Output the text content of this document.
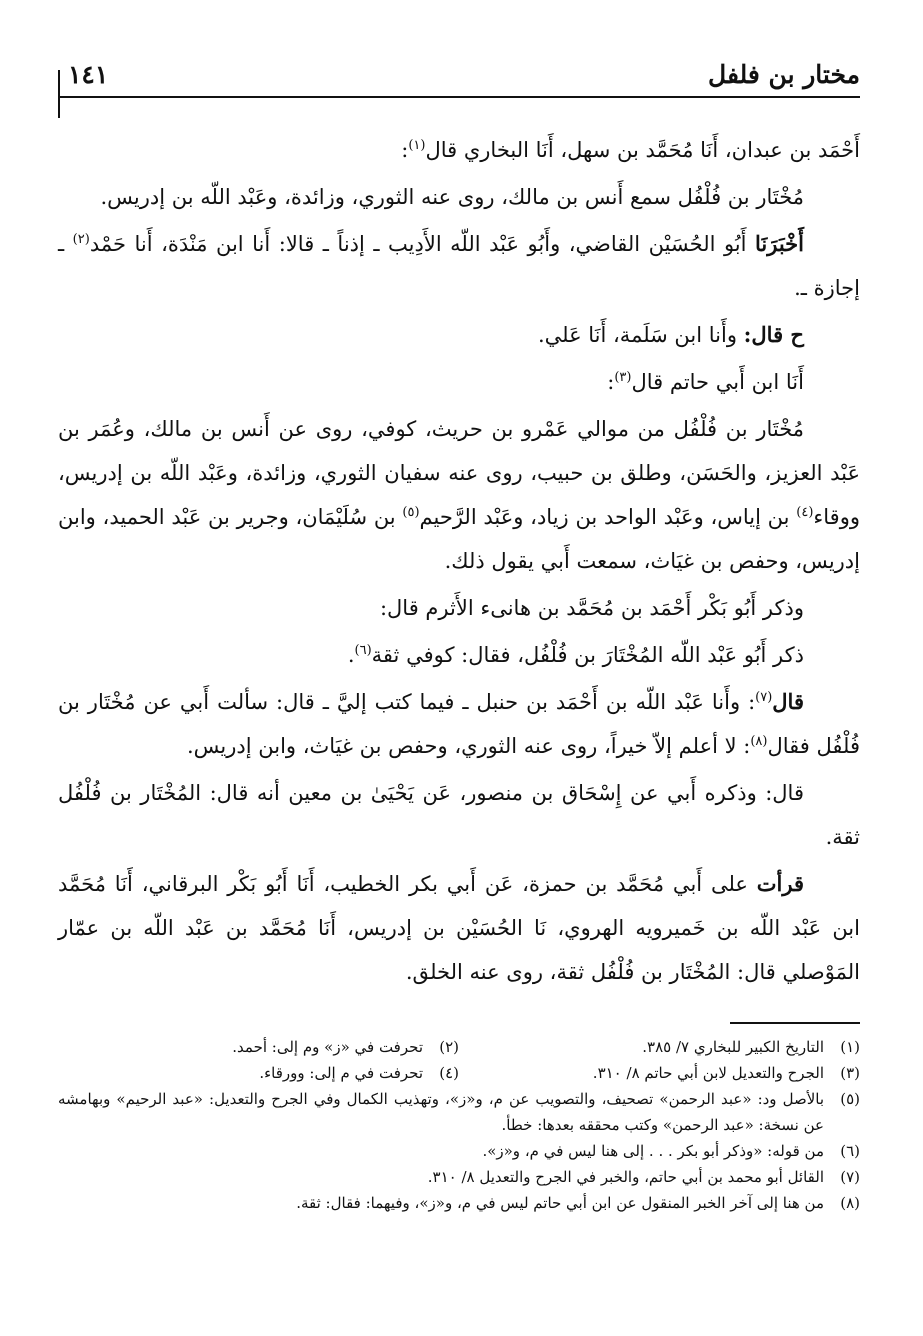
مختار بن فلفل
١٤١

أَحْمَد بن عبدان، أَنَا مُحَمَّد بن سهل، أَنَا البخاري قال$^{(١)}$:

مُخْتَار بن فُلْفُل سمع أَنس بن مالك، روى عنه الثوري، وزائدة، وعَبْد اللّه بن إدريس.

أَخْبَرَنَا أَبُو الحُسَيْن القاضي، وأَبُو عَبْد اللّه الأَدِيب ـ إذناً ـ قالا: أَنا ابن مَنْدَة، أَنا حَمْد$^{(٢)}$ ـ إجازة ـ.

ح قال: وأَنا ابن سَلَمة، أَنَا عَلي.

أَنَا ابن أَبي حاتم قال$^{(٣)}$:

مُخْتَار بن فُلْفُل من موالي عَمْرو بن حريث، كوفي، روى عن أَنس بن مالك، وعُمَر بن عَبْد العزيز، والحَسَن، وطلق بن حبيب، روى عنه سفيان الثوري، وزائدة، وعَبْد اللّه بن إدريس، ووقاء$^{(٤)}$ بن إياس، وعَبْد الواحد بن زياد، وعَبْد الرَّحيم$^{(٥)}$ بن سُلَيْمَان، وجرير بن عَبْد الحميد، وابن إدريس، وحفص بن غيَاث، سمعت أَبي يقول ذلك.

وذكر أَبُو بَكْر أَحْمَد بن مُحَمَّد بن هانىء الأَثرم قال:

ذكر أَبُو عَبْد اللّه المُخْتَارَ بن فُلْفُل، فقال: كوفي ثقة$^{(٦)}$.

قال$^{(٧)}$: وأَنا عَبْد اللّه بن أَحْمَد بن حنبل ـ فيما كتب إليَّ ـ قال: سألت أَبي عن مُخْتَار بن فُلْفُل فقال$^{(٨)}$: لا أعلم إلاّ خيراً، روى عنه الثوري، وحفص بن غيَاث، وابن إدريس.

قال: وذكره أَبي عن إِسْحَاق بن منصور، عَن يَحْيَىٰ بن معين أنه قال: المُخْتَار بن فُلْفُل ثقة.

قرأت على أَبي مُحَمَّد بن حمزة، عَن أَبي بكر الخطيب، أَنَا أَبُو بَكْر البرقاني، أَنَا مُحَمَّد ابن عَبْد اللّه بن خَميرويه الهروي، نَا الحُسَيْن بن إدريس، أَنَا مُحَمَّد بن عَبْد اللّه بن عمّار المَوْصلي قال: المُخْتَار بن فُلْفُل ثقة، روى عنه الخلق.

(١)
التاريخ الكبير للبخاري ٧/ ٣٨٥.
(٢)
تحرفت في «ز» وم إلى: أحمد.
(٣)
الجرح والتعديل لابن أبي حاتم ٨/ ٣١٠.
(٤)
تحرفت في م إلى: وورقاء.
(٥)
بالأصل ود: «عبد الرحمن» تصحيف، والتصويب عن م، و«ز»، وتهذيب الكمال وفي الجرح والتعديل: «عبد الرحيم» وبهامشه عن نسخة: «عبد الرحمن» وكتب محققه بعدها: خطأ.
(٦)
من قوله: «وذكر أبو بكر . . . إلى هنا ليس في م، و«ز».
(٧)
القائل أبو محمد بن أبي حاتم، والخبر في الجرح والتعديل ٨/ ٣١٠.
(٨)
من هنا إلى آخر الخبر المنقول عن ابن أبي حاتم ليس في م، و«ز»، وفيهما: فقال: ثقة.
